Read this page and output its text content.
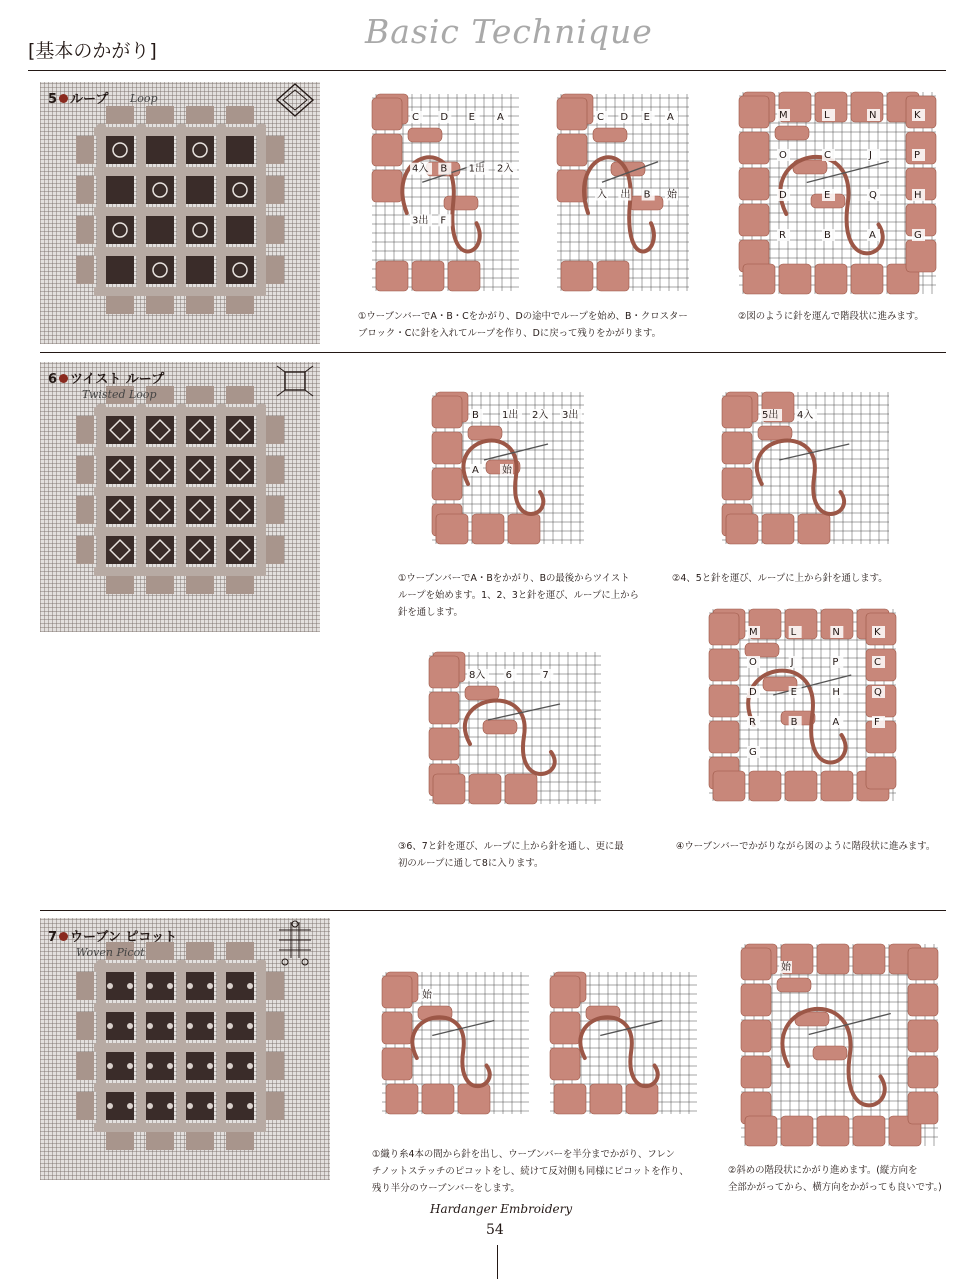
Basic Technique
[基本のかがり]
5 ループ Loop
C D E A
4入 B 1出 2入
3出 F
C D E A
入 出 B 始
M	L	N	K
O	C	J	P
D	E	Q	H
R	B	A	G
①ウーブンバーでA・B・Cをかがり、Dの途中でループを始め、B・クロスター
ブロック・Cに針を入れてループを作り、Dに戻って残りをかがります。
②図のように針を運んで階段状に進みます。
6 ツイスト ループ
Twisted Loop
B 1出 2入 3出
A 始
5出 4入
8入 6	7
M	L	N	K
O	J	P	C
D	E	H	Q
R	B	A	F
G
①ウーブンバーでA・Bをかがり、Bの最後からツイスト
ループを始めます。1、2、3と針を運び、ループに上から
針を通します。
②4、5と針を運び、ループに上から針を通します。
③6、7と針を運び、ループに上から針を通し、更に最
初のループに通して8に入ります。
④ウーブンバーでかがりながら図のように階段状に進みます。
7 ウーブン ピコット
Woven Picot
始
始
①織り糸4本の間から針を出し、ウーブンバーを半分までかがり、フレン
チノットステッチのピコットをし、続けて反対側も同様にピコットを作り、
残り半分のウーブンバーをします。
②斜めの階段状にかがり進めます。(縦方向を
全部かがってから、横方向をかがっても良いです。)
Hardanger Embroidery
54
